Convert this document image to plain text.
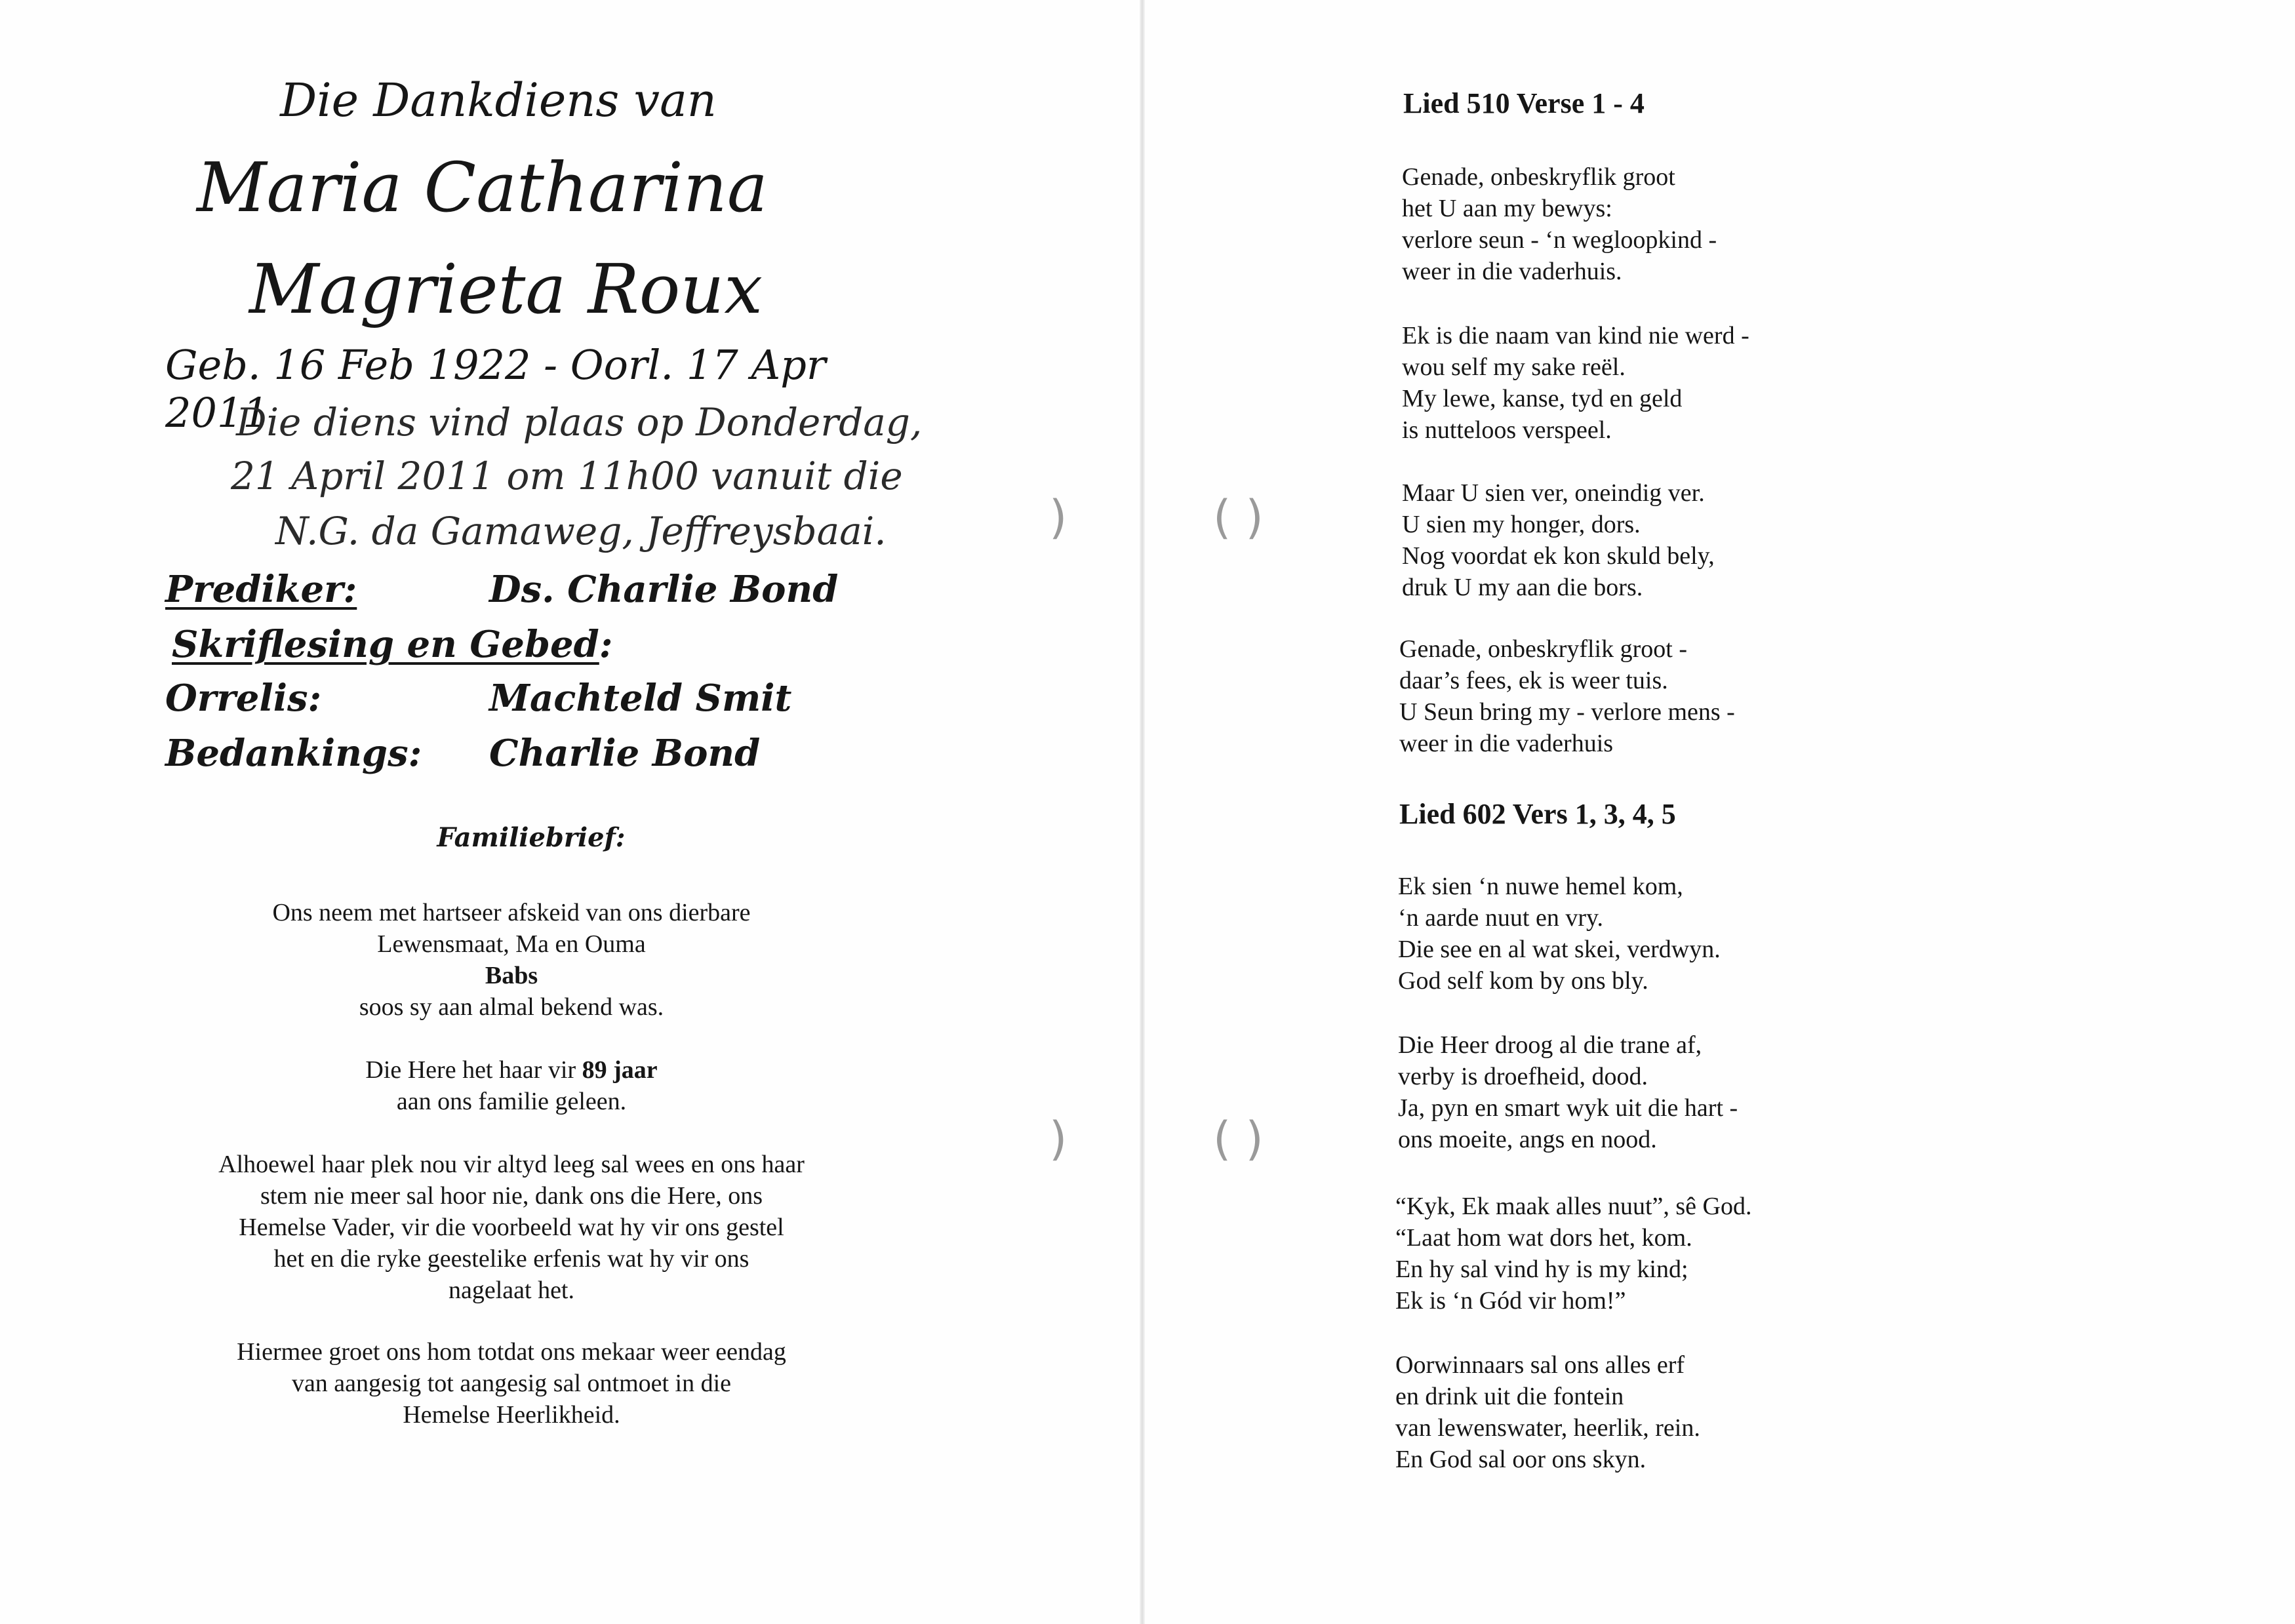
)	( )
)	( )
Die Dankdiens van
Maria Catharina
Magrieta Roux
Geb. 16 Feb 1922 - Oorl. 17 Apr 2011
Die diens vind plaas op Donderdag,
21 April 2011 om 11h00 vanuit die
N.G. da Gamaweg, Jeffreysbaai.
Prediker:	Ds. Charlie Bond
Skriflesing en Gebed:
Orrelis:	Machteld Smit
Bedankings: Charlie Bond
Familiebrief:

Ons neem met hartseer afskeid van ons dierbare

Lewensmaat, Ma en Ouma

Babs

soos sy aan almal bekend was.

Die Here het haar vir 89 jaar

aan ons familie geleen.

Alhoewel haar plek nou vir altyd leeg sal wees en ons haar

stem nie meer sal hoor nie, dank ons die Here, ons

Hemelse Vader, vir die voorbeeld wat hy vir ons gestel

het en die ryke geestelike erfenis wat hy vir ons

nagelaat het.

Hiermee groet ons hom totdat ons mekaar weer eendag

van aangesig tot aangesig sal ontmoet in die

Hemelse Heerlikheid.

Lied 510 Verse 1 - 4

Genade, onbeskryflik groot

het U aan my bewys:

verlore seun - ‘n wegloopkind -

weer in die vaderhuis.

Ek is die naam van kind nie werd -

wou self my sake reël.

My lewe, kanse, tyd en geld

is nutteloos verspeel.

Maar U sien ver, oneindig ver.

U sien my honger, dors.

Nog voordat ek kon skuld bely,

druk U my aan die bors.

Genade, onbeskryflik groot -

daar’s fees, ek is weer tuis.

U Seun bring my - verlore mens -

weer in die vaderhuis

Lied 602 Vers 1, 3, 4, 5

Ek sien ‘n nuwe hemel kom,

‘n aarde nuut en vry.

Die see en al wat skei, verdwyn.

God self kom by ons bly.

Die Heer droog al die trane af,

verby is droefheid, dood.

Ja, pyn en smart wyk uit die hart -

ons moeite, angs en nood.

“Kyk, Ek maak alles nuut”, sê God.

“Laat hom wat dors het, kom.

En hy sal vind hy is my kind;

Ek is ‘n Gód vir hom!”

Oorwinnaars sal ons alles erf

en drink uit die fontein

van lewenswater, heerlik, rein.

En God sal oor ons skyn.
